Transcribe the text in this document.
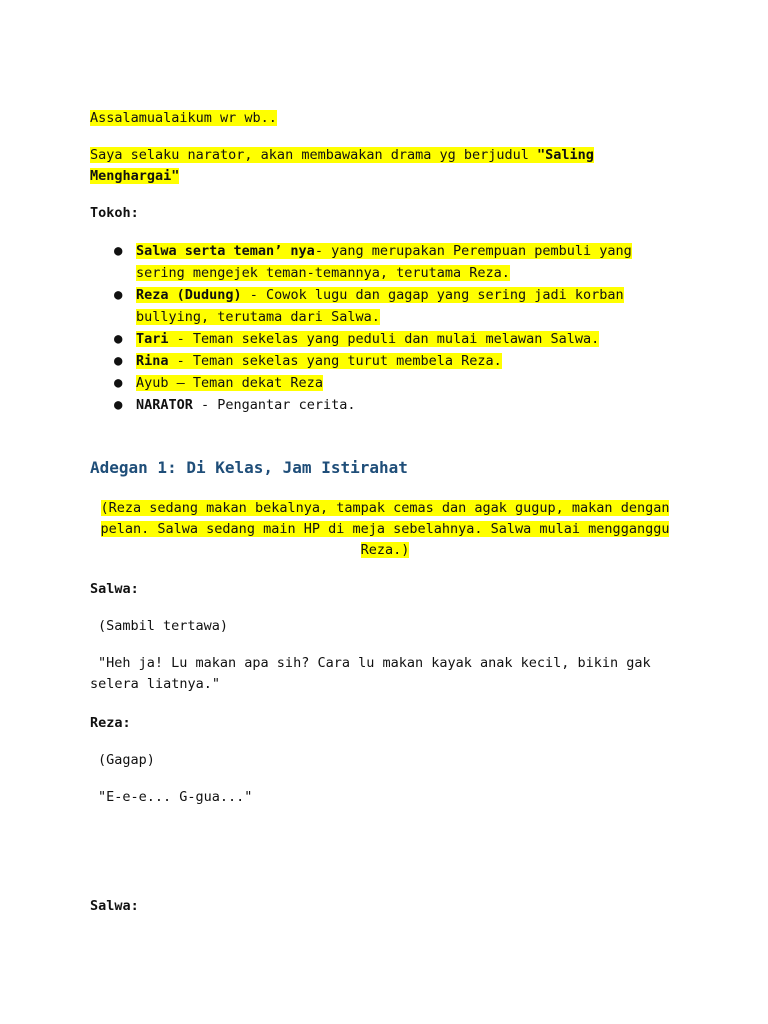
Assalamualaikum wr wb..

Saya selaku narator, akan membawakan drama yg berjudul "Saling Menghargai"

Tokoh:

● Salwa serta teman’ nya- yang merupakan Perempuan pembuli yang sering mengejek teman-temannya, terutama Reza.
● Reza (Dudung) - Cowok lugu dan gagap yang sering jadi korban bullying, terutama dari Salwa.
● Tari - Teman sekelas yang peduli dan mulai melawan Salwa.
● Rina - Teman sekelas yang turut membela Reza.
● Ayub – Teman dekat Reza
● NARATOR - Pengantar cerita.
Adegan 1: Di Kelas, Jam Istirahat

(Reza sedang makan bekalnya, tampak cemas dan agak gugup, makan dengan pelan. Salwa sedang main HP di meja sebelahnya. Salwa mulai mengganggu Reza.)

Salwa:

(Sambil tertawa)

"Heh ja! Lu makan apa sih? Cara lu makan kayak anak kecil, bikin gak selera liatnya."

Reza:

(Gagap)

"E-e-e... G-gua..."

Salwa:
